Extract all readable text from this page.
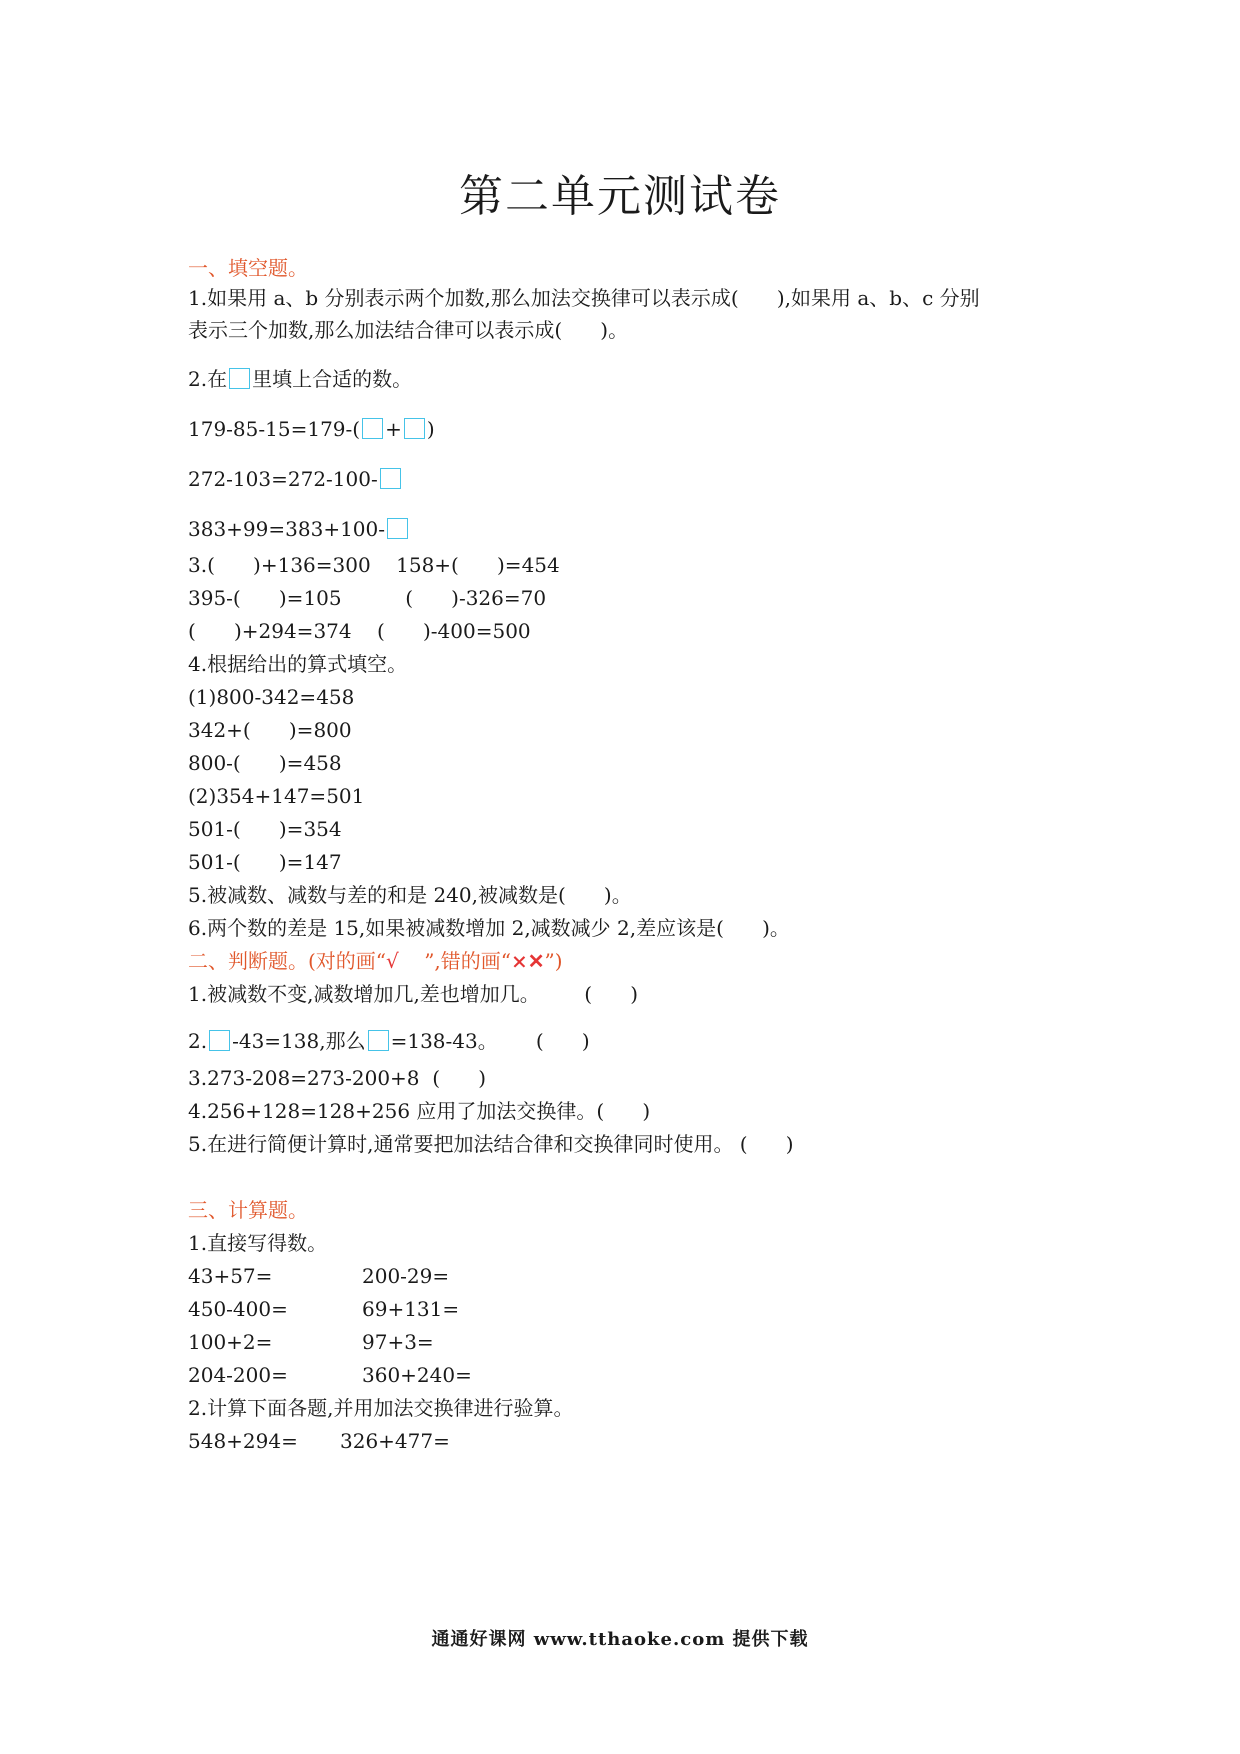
第二单元测试卷
一、填空题。
1.如果用 a、b 分别表示两个加数,那么加法交换律可以表示成(      ),如果用 a、b、c 分别
表示三个加数,那么加法结合律可以表示成(      )。
2.在 里填上合适的数。
179-85-15=179-( + )
272-103=272-100-
383+99=383+100-
3.(      )+136=300    158+(      )=454
395-(      )=105          (      )-326=70
(      )+294=374    (      )-400=500
4.根据给出的算式填空。
(1)800-342=458
342+(      )=800
800-(      )=458
(2)354+147=501
501-(      )=354
501-(      )=147
5.被减数、减数与差的和是 240,被减数是(      )。
6.两个数的差是 15,如果被减数增加 2,减数减少 2,差应该是(      )。
二、判断题。(对的画“√    ”,错的画“×✕”)
1.被减数不变,减数增加几,差也增加几。       (      )
2. -43=138,那么 =138-43。      (      )
3.273-208=273-200+8  (      )
4.256+128=128+256 应用了加法交换律。(      )
5.在进行简便计算时,通常要把加法结合律和交换律同时使用。 (      )
三、计算题。
1.直接写得数。
43+57=	200-29=
450-400=	69+131=
100+2=	97+3=
204-200=	360+240=
2.计算下面各题,并用加法交换律进行验算。
548+294= 326+477=
通通好课网 www.tthaoke.com 提供下载
